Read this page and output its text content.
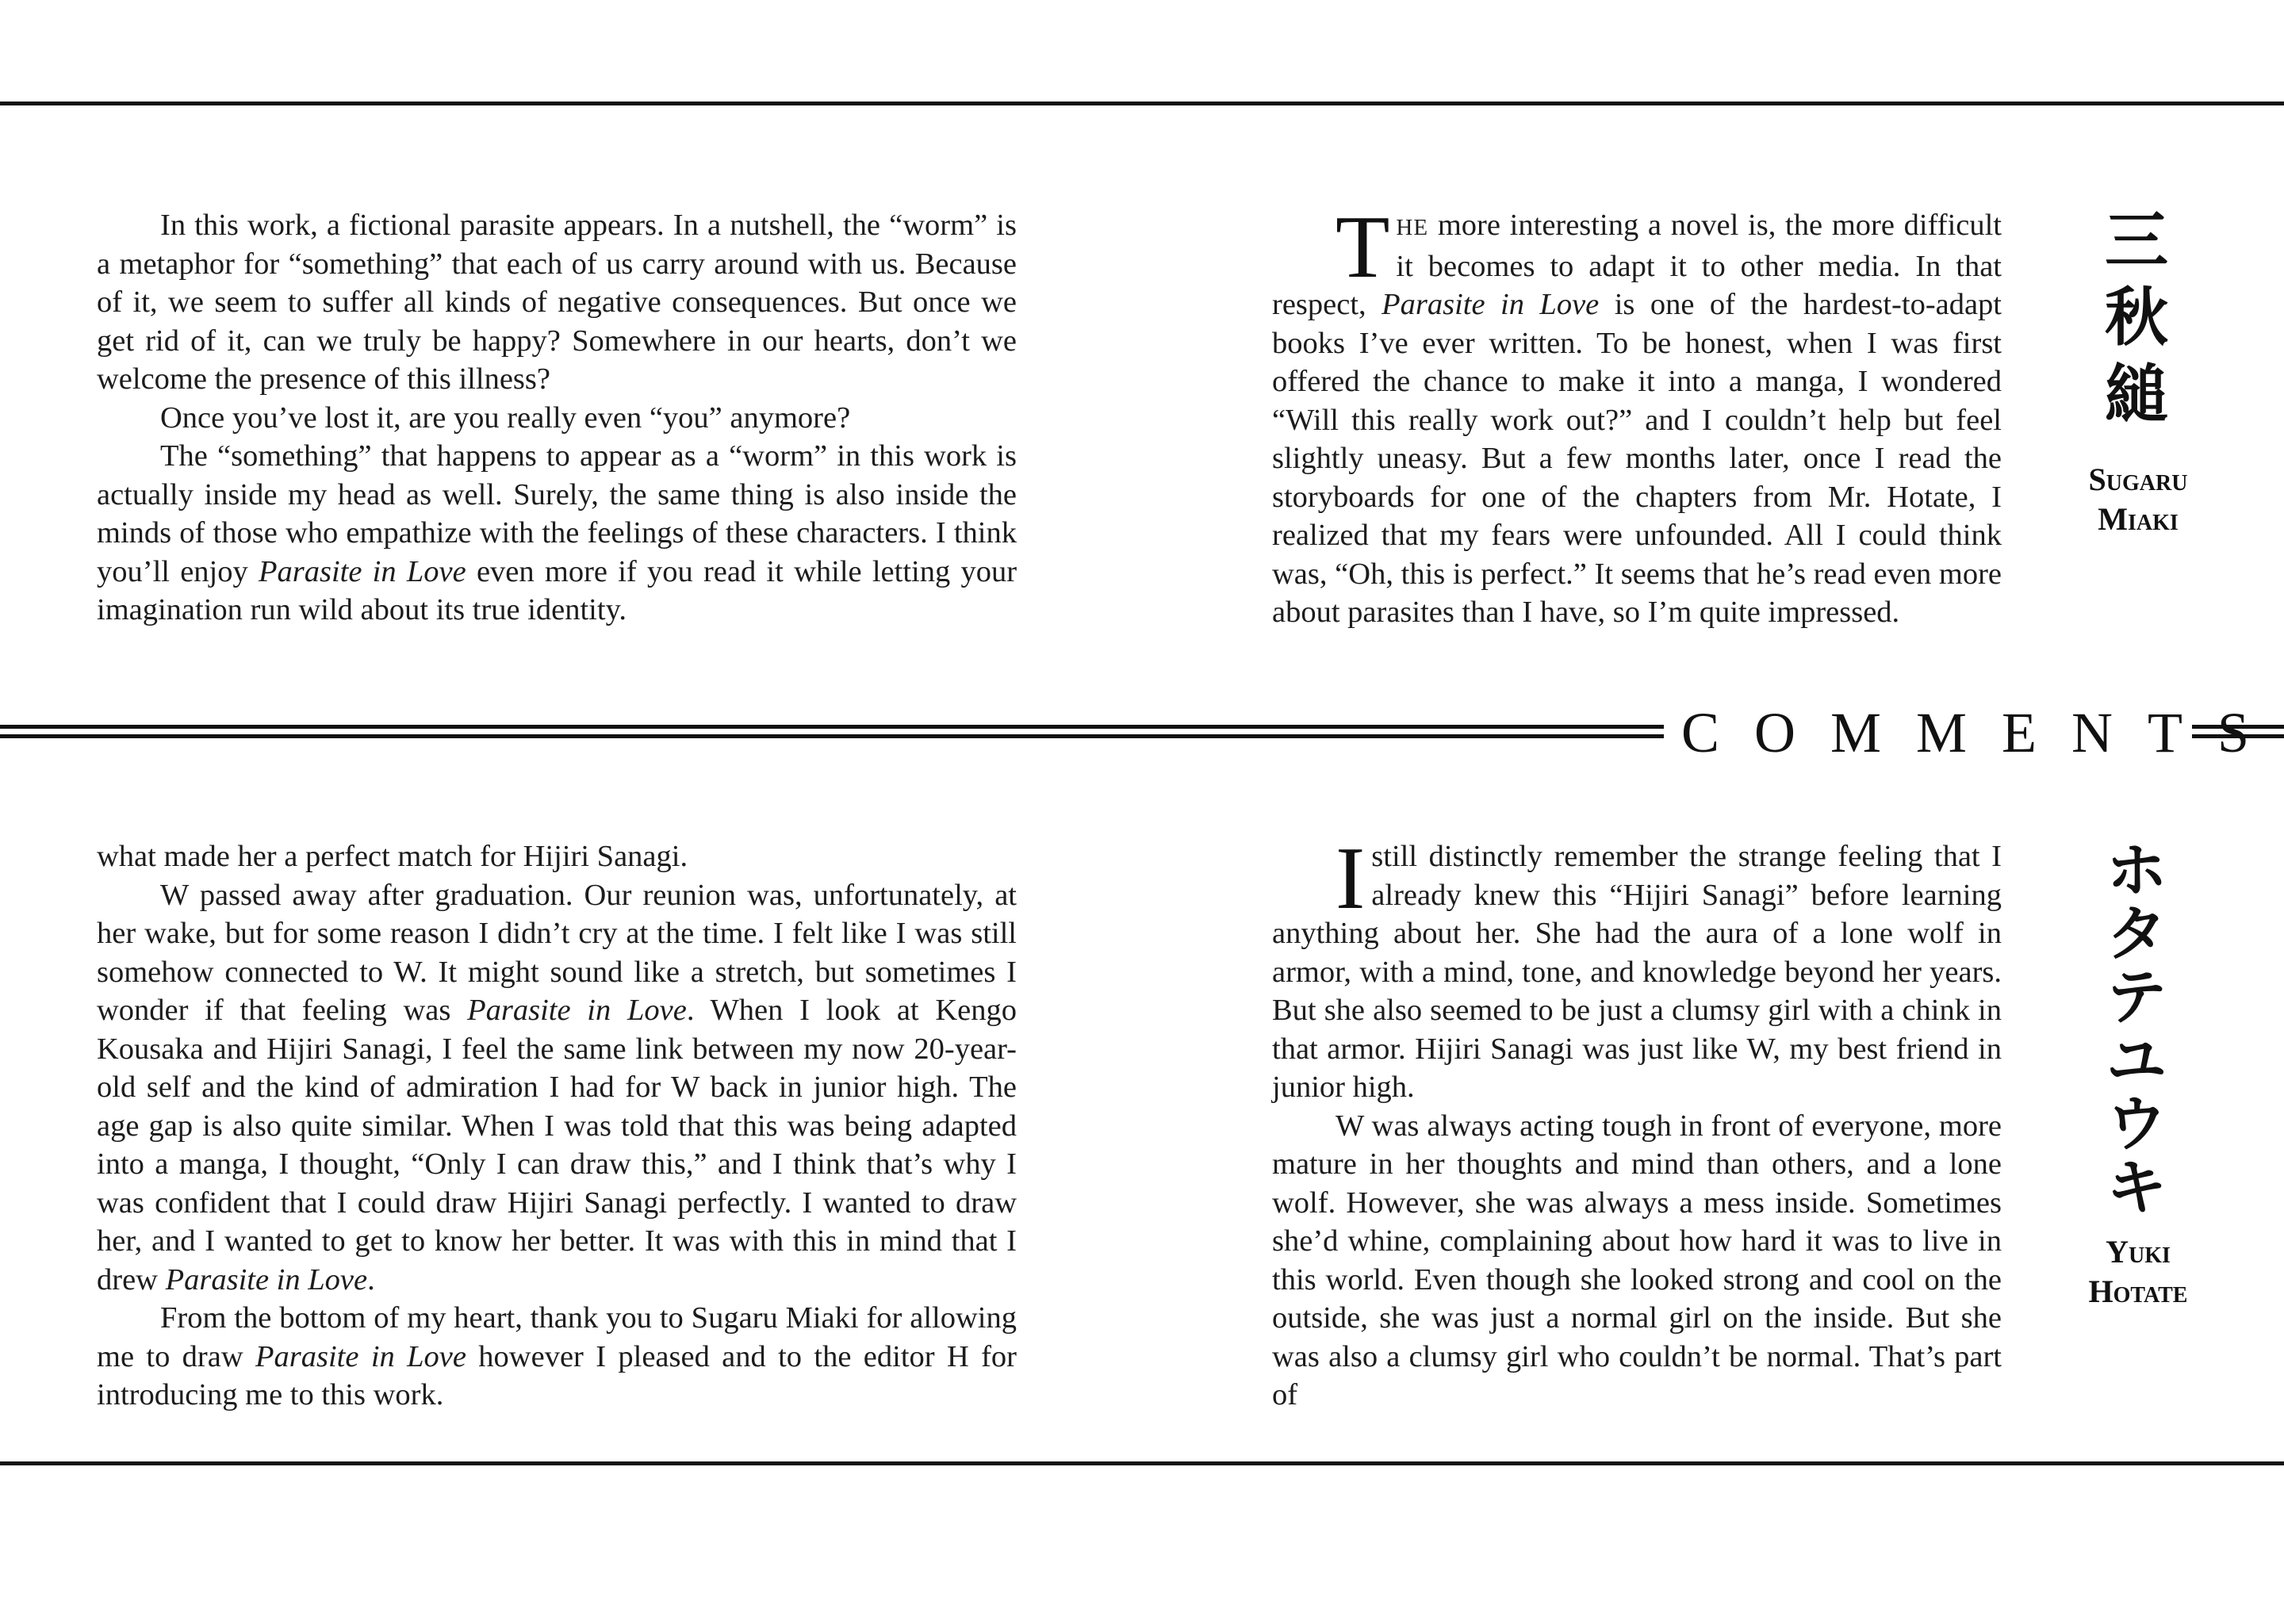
COMMENTS

In this work, a fictional parasite appears. In a nutshell, the “worm” is a metaphor for “something” that each of us carry around with us. Because of it, we seem to suffer all kinds of negative consequences. But once we get rid of it, can we truly be happy? Somewhere in our hearts, don’t we welcome the presence of this illness?

Once you’ve lost it, are you really even “you” anymore?

The “something” that happens to appear as a “worm” in this work is actually inside my head as well. Surely, the same thing is also inside the minds of those who empathize with the feelings of these characters. I think you’ll enjoy Parasite in Love even more if you read it while letting your imagination run wild about its true identity.

THE more interesting a novel is, the more difficult it becomes to adapt it to other media. In that respect, Parasite in Love is one of the hardest-to-adapt books I’ve ever written. To be honest, when I was first offered the chance to make it into a manga, I wondered “Will this really work out?” and I couldn’t help but feel slightly uneasy. But a few months later, once I read the storyboards for one of the chapters from Mr. Hotate, I realized that my fears were unfounded. All I could think was, “Oh, this is perfect.” It seems that he’s read even more about parasites than I have, so I’m quite impressed.

三
秋
縋
Sugaru
Miaki

what made her a perfect match for Hijiri Sanagi.

W passed away after graduation. Our reunion was, unfortunately, at her wake, but for some reason I didn’t cry at the time. I felt like I was still somehow connected to W. It might sound like a stretch, but sometimes I wonder if that feeling was Parasite in Love. When I look at Kengo Kousaka and Hijiri Sanagi, I feel the same link between my now 20-year-old self and the kind of admiration I had for W back in junior high. The age gap is also quite similar. When I was told that this was being adapted into a manga, I thought, “Only I can draw this,” and I think that’s why I was confident that I could draw Hijiri Sanagi perfectly. I wanted to draw her, and I wanted to get to know her better. It was with this in mind that I drew Parasite in Love.

From the bottom of my heart, thank you to Sugaru Miaki for allowing me to draw Parasite in Love however I pleased and to the editor H for introducing me to this work.

I still distinctly remember the strange feeling that I already knew this “Hijiri Sanagi” before learning anything about her. She had the aura of a lone wolf in armor, with a mind, tone, and knowledge beyond her years. But she also seemed to be just a clumsy girl with a chink in that armor. Hijiri Sanagi was just like W, my best friend in junior high.

W was always acting tough in front of everyone, more mature in her thoughts and mind than others, and a lone wolf. However, she was always a mess inside. Sometimes she’d whine, complaining about how hard it was to live in this world. Even though she looked strong and cool on the outside, she was just a normal girl on the inside. But she was also a clumsy girl who couldn’t be normal. That’s part of

ホ
タ
テ
ユ
ウ
キ
Yuki
Hotate
